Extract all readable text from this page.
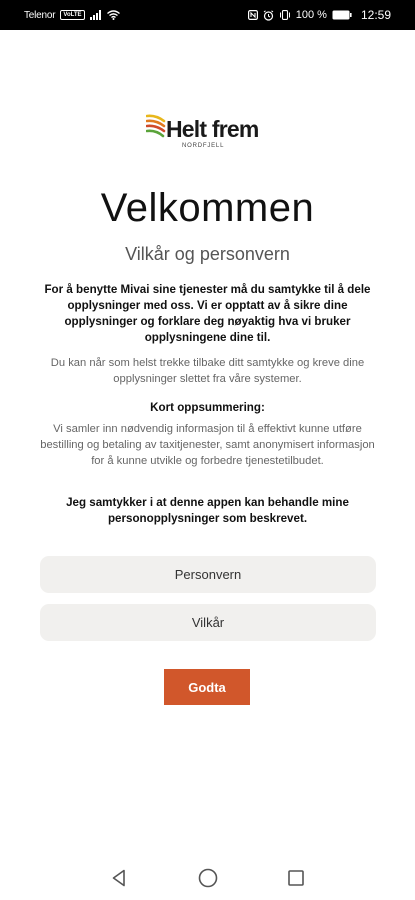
Telenor	VoLTE	100 %	12:59
Helt frem
NORDFJELL
Velkommen
Vilkår og personvern

For å benytte Mivai sine tjenester må du samtykke til å dele opplysninger med oss. Vi er opptatt av å sikre dine opplysninger og forklare deg nøyaktig hva vi bruker opplysningene dine til.

Du kan når som helst trekke tilbake ditt samtykke og kreve dine opplysninger slettet fra våre systemer.

Kort oppsummering:

Vi samler inn nødvendig informasjon til å effektivt kunne utføre bestilling og betaling av taxitjenester, samt anonymisert informasjon for å kunne utvikle og forbedre tjenestetilbudet.

Jeg samtykker i at denne appen kan behandle mine personopplysninger som beskrevet.

Personvern
Vilkår
Godta
